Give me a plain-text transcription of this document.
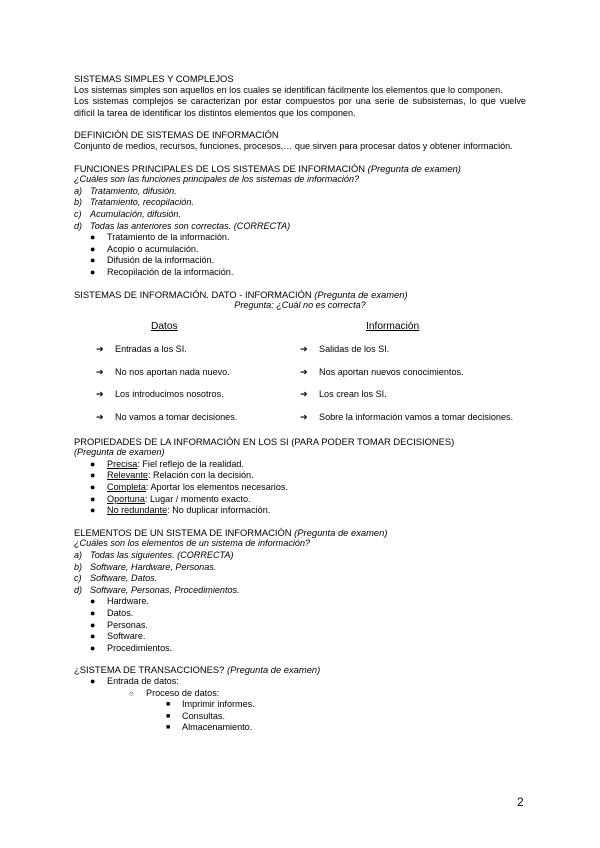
SISTEMAS SIMPLES Y COMPLEJOS

Los sistemas simples son aquellos en los cuales se identifican fácilmente los elementos que lo componen.

Los sistemas complejos se caracterizan por estar compuestos por una serie de subsistemas, lo que vuelve difícil la tarea de identificar los distintos elementos que los componen.

DEFINICIÓN DE SISTEMAS DE INFORMACIÓN

Conjunto de medios, recursos, funciones, procesos,… que sirven para procesar datos y obtener información.

FUNCIONES PRINCIPALES DE LOS SISTEMAS DE INFORMACIÓN (Pregunta de examen)

¿Cuáles son las funciones principales de los sistemas de información?

a) Tratamiento, difusión.
b) Tratamiento, recopilación.
c) Acumulación, difusión.
d) Todas las anteriores son correctas. (CORRECTA)
● Tratamiento de la información.
● Acopio o acumulación.
● Difusión de la información.
● Recopilación de la información.

SISTEMAS DE INFORMACIÓN. DATO - INFORMACIÓN (Pregunta de examen)

Pregunta: ¿Cuál no es correcta?

Datos
➔ Entradas a los SI.
➔ No nos aportan nada nuevo.
➔ Los introducimos nosotros.
➔ No vamos a tomar decisiones.
Información
➔ Salidas de los SI.
➔ Nos aportan nuevos conocimientos.
➔ Los crean los SI.
➔ Sobre la información vamos a tomar decisiones.

PROPIEDADES DE LA INFORMACIÓN EN LOS SI (PARA PODER TOMAR DECISIONES)

(Pregunta de examen)

● Precisa: Fiel reflejo de la realidad.
● Relevante: Relación con la decisión.
● Completa: Aportar los elementos necesarios.
● Oportuna: Lugar / momento exacto.
● No redundante: No duplicar información.

ELEMENTOS DE UN SISTEMA DE INFORMACIÓN (Pregunta de examen)

¿Cuáles son los elementos de un sistema de información?

a) Todas las siguientes. (CORRECTA)
b) Software, Hardware, Personas.
c) Software, Datos.
d) Software, Personas, Procedimientos.
● Hardware.
● Datos.
● Personas.
● Software.
● Procedimientos.

¿SISTEMA DE TRANSACCIONES? (Pregunta de examen)

● Entrada de datos:
○ Proceso de datos:
■ Imprimir informes.
■ Consultas.
■ Almacenamiento.
2
